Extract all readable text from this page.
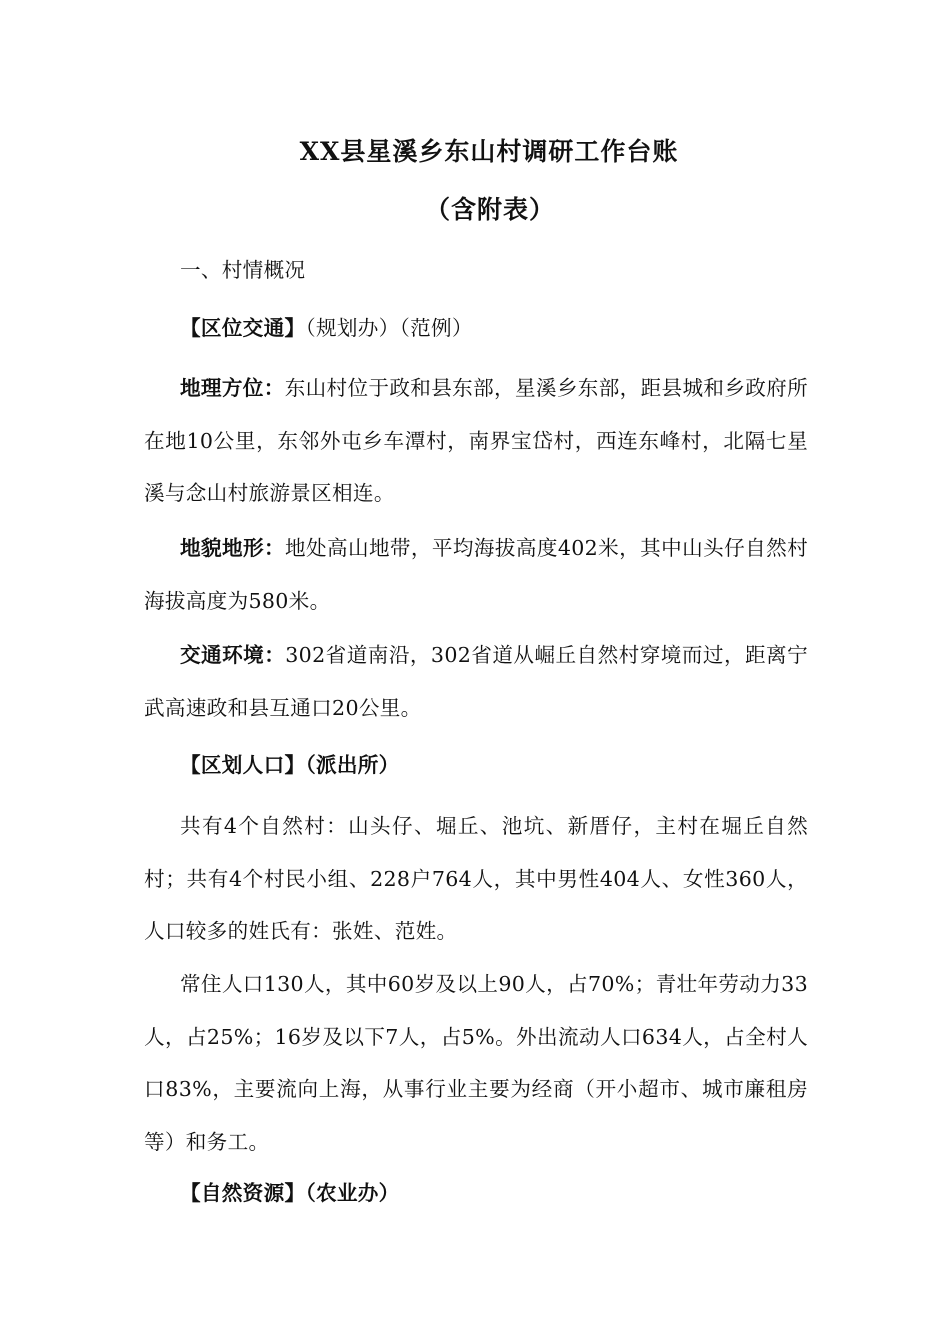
XX县星溪乡东山村调研工作台账
（含附表）
一、村情概况
【区位交通】（规划办）（范例）
地理方位：东山村位于政和县东部，星溪乡东部，距县城和乡政府所在地10公里，东邻外屯乡车潭村，南界宝岱村，西连东峰村，北隔七星溪与念山村旅游景区相连。
地貌地形：地处高山地带，平均海拔高度402米，其中山头仔自然村海拔高度为580米。
交通环境：302省道南沿，302省道从崛丘自然村穿境而过，距离宁武高速政和县互通口20公里。
【区划人口】（派出所）
共有4个自然村：山头仔、堀丘、池坑、新厝仔，主村在堀丘自然村；共有4个村民小组、228户764人，其中男性404人、女性360人，人口较多的姓氏有：张姓、范姓。
常住人口130人，其中60岁及以上90人，占70%；青壮年劳动力33人，占25%；16岁及以下7人，占5%。外出流动人口634人，占全村人口83%，主要流向上海，从事行业主要为经商（开小超市、城市廉租房等）和务工。
【自然资源】（农业办）
